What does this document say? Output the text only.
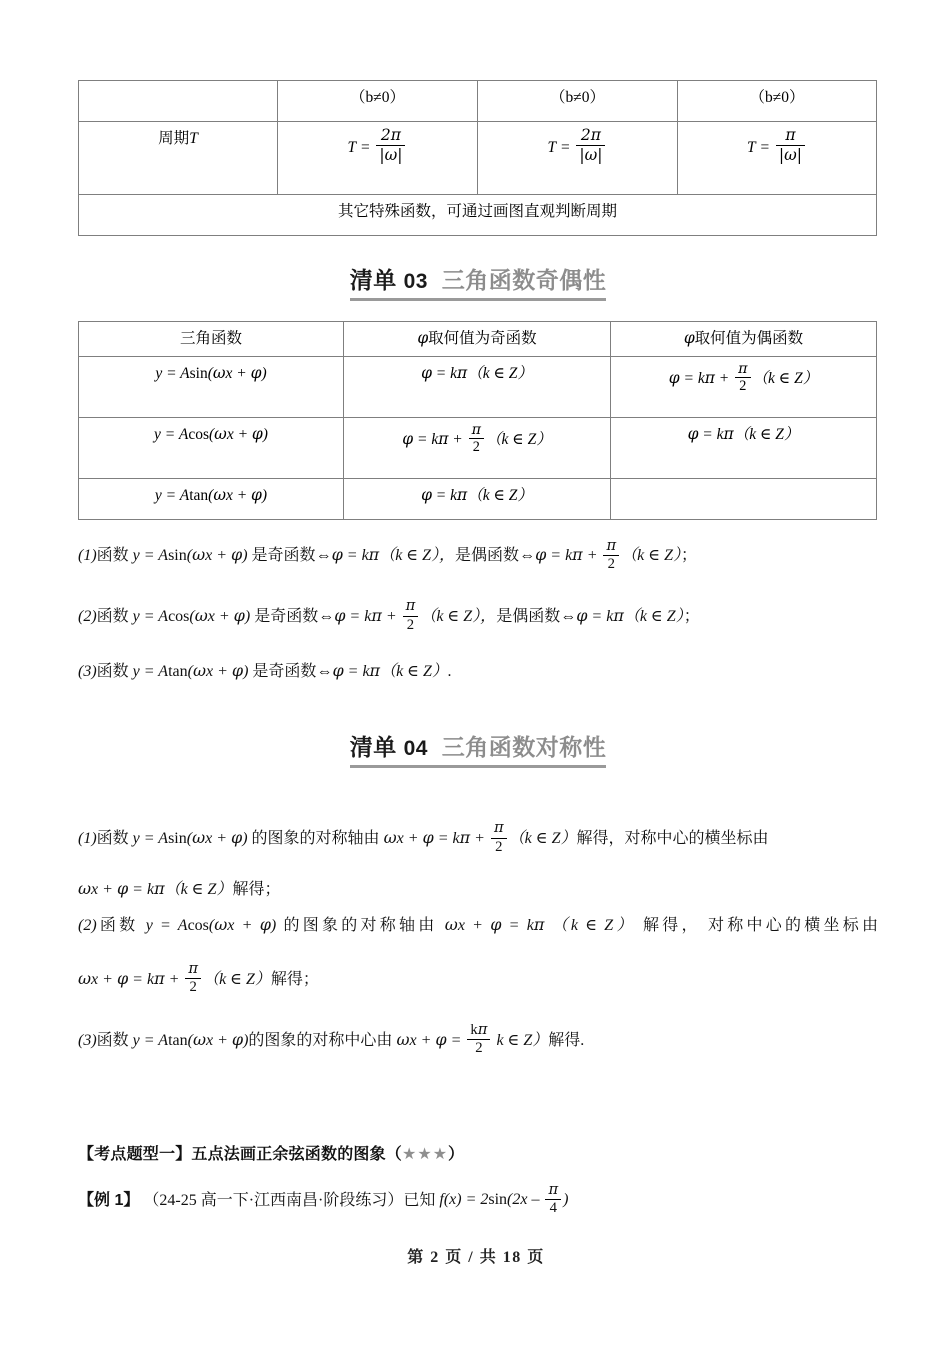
	（b≠0）	（b≠0）	（b≠0）
周期T	$T = \frac{2\pi}{|\omega|}$	$T = \frac{2\pi}{|\omega|}$	$T = \frac{\pi}{|\omega|}$

其它特殊函数，可通过画图直观判断周期			
清单 03 三角函数奇偶性
三角函数	φ取何值为奇函数	φ取何值为偶函数
y = Asin(ωx + φ)	φ = kπ（k ∈ Z）	$\varphi = k\pi + \frac{\pi}{2} (k$ ∈ Z）
y = Acos(ωx + φ)	$\varphi = k\pi + \frac{\pi}{2} (k$ ∈ Z）	φ = kπ（k ∈ Z）
y = Atan(ωx + φ)	φ = kπ（k ∈ Z）	

(1)函数 y = Asin(ωx + φ) 是奇函数⇔φ = kπ（k ∈ Z），是偶函数⇔φ = $k\pi + \frac{\pi}{2} (k$ ∈ Z）；

(2)函数 y = Acos(ωx + φ) 是奇函数⇔φ = $k\pi + \frac{\pi}{2} (k$ ∈ Z），是偶函数⇔φ = kπ（k ∈ Z）；

(3)函数 y = Atan(ωx + φ) 是奇函数⇔φ = kπ（k ∈ Z）.

清单 04 三角函数对称性

(1)函数 y = Asin(ωx + φ) 的图象的对称轴由 $\omega x + \varphi = k\pi + \frac{\pi}{2} (k$ ∈ Z）解得，对称中心的横坐标由

ωx + φ = kπ（k ∈ Z）解得；

(2)函数 y = Acos(ωx + φ) 的图象的对称轴由 ωx + φ = kπ （k ∈ Z） 解得， 对称中心的横坐标由

$\omega x + \varphi = k\pi + \frac{\pi}{2} (k$ ∈ Z）解得；

(3)函数 y = Atan(ωx + φ)的图象的对称中心由 $\omega x + \varphi = \frac{k\pi}{2}$ k ∈ Z）解得.

【考点题型一】五点法画正余弦函数的图象（★★★）

【例 1】 （24-25 高一下·江西南昌·阶段练习）已知 $f(x) = 2\sin(2x - \frac{\pi}{4}$ )

第 2 页 / 共 18 页
